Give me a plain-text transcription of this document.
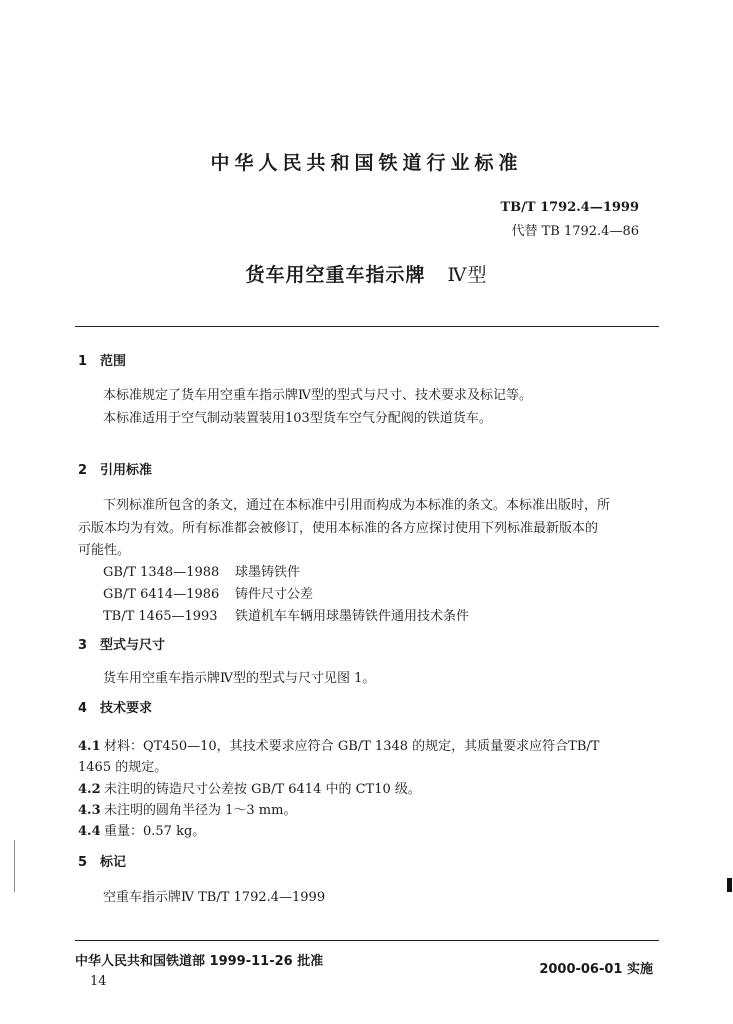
中华人民共和国铁道行业标准
TB/T 1792.4—1999
代替 TB 1792.4—86
货车用空重车指示牌 Ⅳ型
1 范围
本标准规定了货车用空重车指示牌Ⅳ型的型式与尺寸、技术要求及标记等。
本标准适用于空气制动装置装用103型货车空气分配阀的铁道货车。
2 引用标准
下列标准所包含的条文，通过在本标准中引用而构成为本标准的条文。本标准出版时，所
示版本均为有效。所有标准都会被修订，使用本标准的各方应探讨使用下列标准最新版本的
可能性。
GB/T 1348—1988 球墨铸铁件
GB/T 6414—1986 铸件尺寸公差
TB/T 1465—1993 铁道机车车辆用球墨铸铁件通用技术条件
3 型式与尺寸
货车用空重车指示牌Ⅳ型的型式与尺寸见图 1。
4 技术要求
4.1 材料：QT450—10，其技术要求应符合 GB/T 1348 的规定，其质量要求应符合TB/T
1465 的规定。
4.2 未注明的铸造尺寸公差按 GB/T 6414 中的 CT10 级。
4.3 未注明的圆角半径为 1～3 mm。
4.4 重量：0.57 kg。
5 标记
空重车指示牌Ⅳ TB/T 1792.4—1999
中华人民共和国铁道部 1999-11-26 批准
2000-06-01 实施
14
